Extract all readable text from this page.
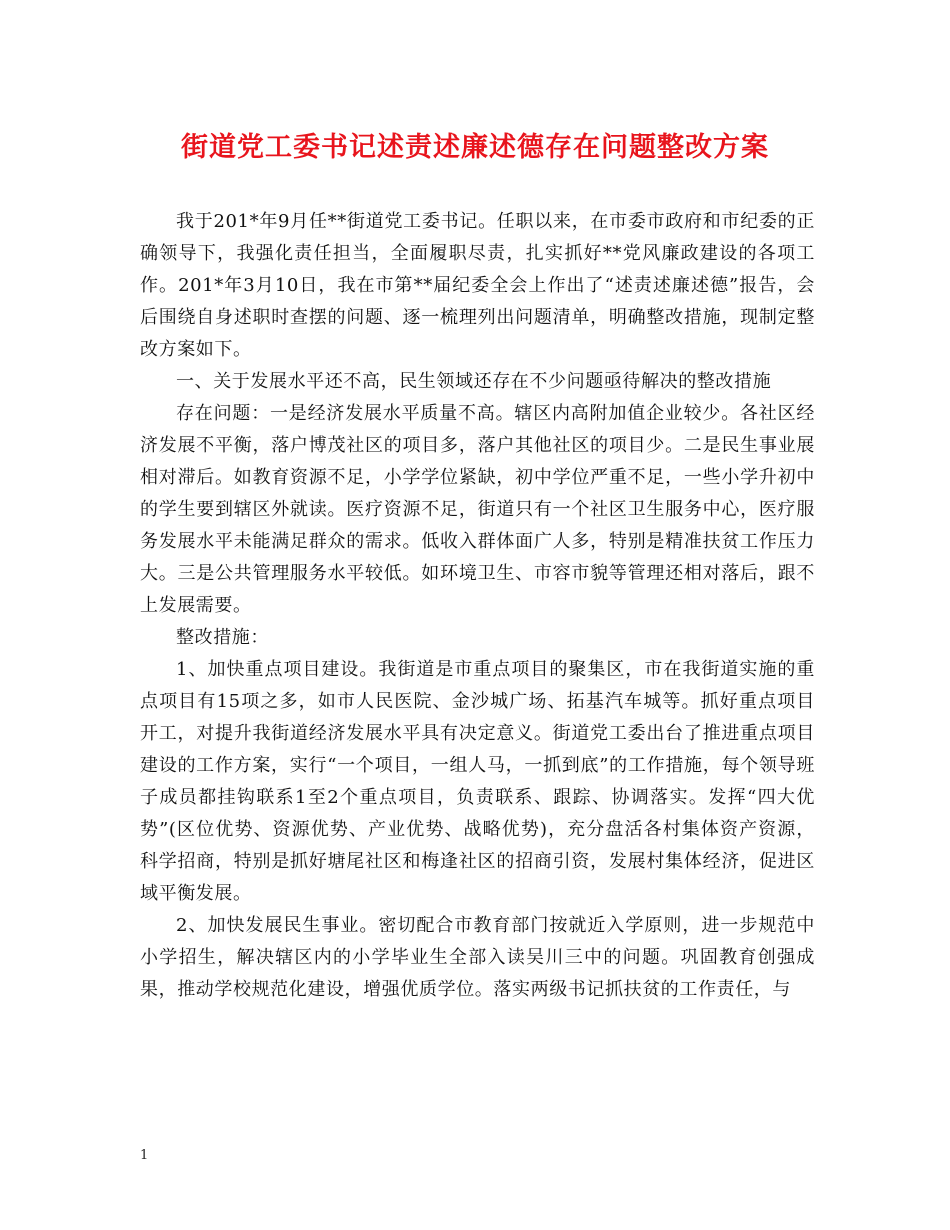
街道党工委书记述责述廉述德存在问题整改方案

我于201*年9月任**街道党工委书记。任职以来，在市委市政府和市纪委的正确领导下，我强化责任担当，全面履职尽责，扎实抓好**党风廉政建设的各项工作。201*年3月10日，我在市第**届纪委全会上作出了“述责述廉述德”报告，会后围绕自身述职时查摆的问题、逐一梳理列出问题清单，明确整改措施，现制定整改方案如下。

一、关于发展水平还不高，民生领域还存在不少问题亟待解决的整改措施

存在问题：一是经济发展水平质量不高。辖区内高附加值企业较少。各社区经济发展不平衡，落户博茂社区的项目多，落户其他社区的项目少。二是民生事业展相对滞后。如教育资源不足，小学学位紧缺，初中学位严重不足，一些小学升初中的学生要到辖区外就读。医疗资源不足，街道只有一个社区卫生服务中心，医疗服务发展水平未能满足群众的需求。低收入群体面广人多，特别是精准扶贫工作压力大。三是公共管理服务水平较低。如环境卫生、市容市貌等管理还相对落后，跟不上发展需要。

整改措施：

1、加快重点项目建设。我街道是市重点项目的聚集区，市在我街道实施的重点项目有15项之多，如市人民医院、金沙城广场、拓基汽车城等。抓好重点项目开工，对提升我街道经济发展水平具有决定意义。街道党工委出台了推进重点项目建设的工作方案，实行“一个项目，一组人马，一抓到底”的工作措施，每个领导班子成员都挂钩联系1至2个重点项目，负责联系、跟踪、协调落实。发挥“四大优势”(区位优势、资源优势、产业优势、战略优势)，充分盘活各村集体资产资源，科学招商，特别是抓好塘尾社区和梅逢社区的招商引资，发展村集体经济，促进区域平衡发展。

2、加快发展民生事业。密切配合市教育部门按就近入学原则，进一步规范中小学招生，解决辖区内的小学毕业生全部入读吴川三中的问题。巩固教育创强成果，推动学校规范化建设，增强优质学位。落实两级书记抓扶贫的工作责任，与

1
